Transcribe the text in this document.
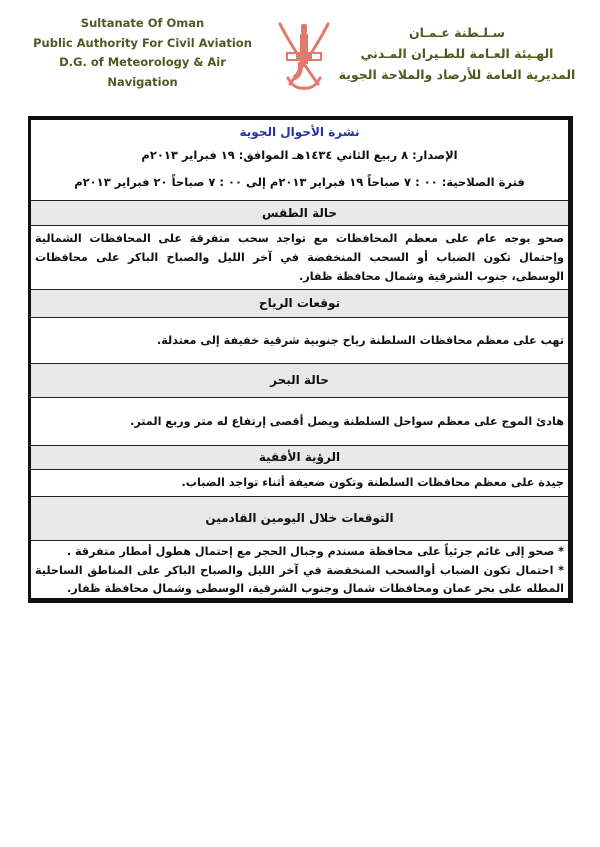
Sultanate Of Oman
Public Authority For Civil Aviation
D.G. of Meteorology & Air
Navigation
سـلـطنة عـمـان
الهـيئة العـامة للطـيران المـدني
المديرية العامة للأرصاد والملاحة الجوية
نشرة الأحوال الجوية
الإصدار: ٨ ربيع الثاني ١٤٣٤هـ الموافق: ١٩ فبراير ٢٠١٣م
فترة الصلاحية: ٠٠ : ٧ صباحاً ١٩ فبراير ٢٠١٣م إلى ٠٠ : ٧ صباحاً ٢٠ فبراير ٢٠١٣م
حالة الطقس
صحو بوجه عام على معظم المحافظات مع تواجد سحب متفرقة على المحافظات الشمالية وإحتمال تكون الضباب أو السحب المنخفضة في آخر الليل والصباح الباكر على محافظات الوسطى، جنوب الشرقية وشمال محافظة ظفار.
توقعات الرياح
تهب على معظم محافظات السلطنة رياح جنوبية شرقية خفيفة إلى معتدلة.
حالة البحر
هادئ الموج على معظم سواحل السلطنة ويصل أقصى إرتفاع له متر وربع المتر.
الرؤية الأفقية
جيدة على معظم محافظات السلطنة وتكون ضعيفة أثناء تواجد الضباب.
التوقعات خلال اليومين القادمين
* صحو إلى غائم جزئياً على محافظة مسندم وجبال الحجر مع إحتمال هطول أمطار متفرقة .
* احتمال تكون الضباب أوالسحب المنخفضة في آخر الليل والصباح الباكر على المناطق الساحلية المطله على بحر عمان ومحافظات شمال وجنوب الشرقية، الوسطى وشمال محافظة ظفار.
